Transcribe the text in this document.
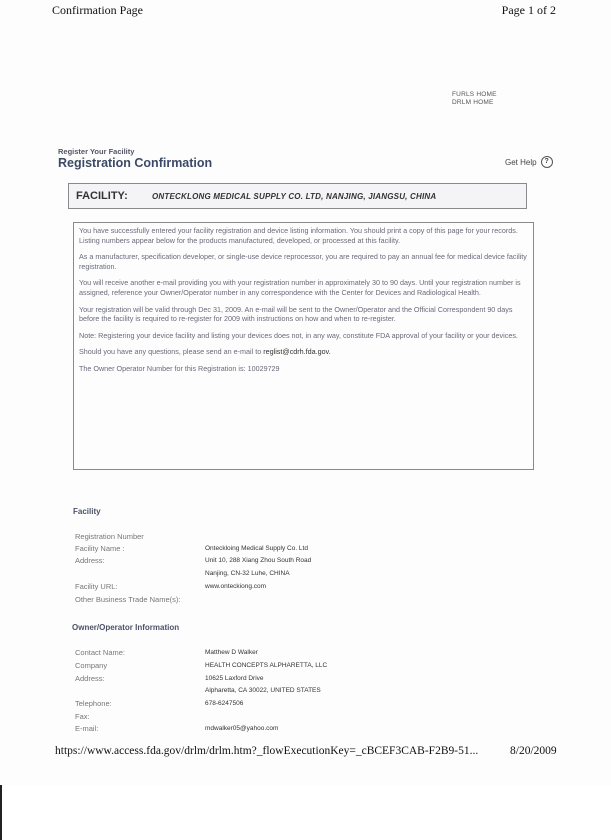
Confirmation Page	Page 1 of 2
FURLS HOME
DRLM HOME
Register Your Facility
Registration Confirmation	Get Help	?
FACILITY:	ONTECKLONG MEDICAL SUPPLY CO. LTD, NANJING, JIANGSU, CHINA

You have successfully entered your facility registration and device listing information. You should print a copy of this page for your records. Listing numbers appear below for the products manufactured, developed, or processed at this facility.

As a manufacturer, specification developer, or single-use device reprocessor, you are required to pay an annual fee for medical device facility registration.

You will receive another e-mail providing you with your registration number in approximately 30 to 90 days. Until your registration number is assigned, reference your Owner/Operator number in any correspondence with the Center for Devices and Radiological Health.

Your registration will be valid through Dec 31, 2009. An e-mail will be sent to the Owner/Operator and the Official Correspondent 90 days before the facility is required to re-register for 2009 with instructions on how and when to re-register.

Note: Registering your device facility and listing your devices does not, in any way, constitute FDA approval of your facility or your devices.

Should you have any questions, please send an e-mail to reglist@cdrh.fda.gov.

The Owner Operator Number for this Registration is: 10029729

Facility
Registration Number
Facility Name :	Onteckloing Medical Supply Co. Ltd
Address:	Unit 10, 288 Xiang Zhou South Road
Nanjing, CN-32 Luhe, CHINA
Facility URL:	www.onteckiong.com
Other Business Trade Name(s):
Owner/Operator Information
Contact Name:	Matthew D Walker
Company	HEALTH CONCEPTS ALPHARETTA, LLC
Address:	10625 Laxford Drive
Alpharetta, CA 30022, UNITED STATES
Telephone:	678-6247506
Fax:
E-mail:	mdwalker05@yahoo.com
https://www.access.fda.gov/drlm/drlm.htm?_flowExecutionKey=_cBCEF3CAB-F2B9-51...	8/20/2009
